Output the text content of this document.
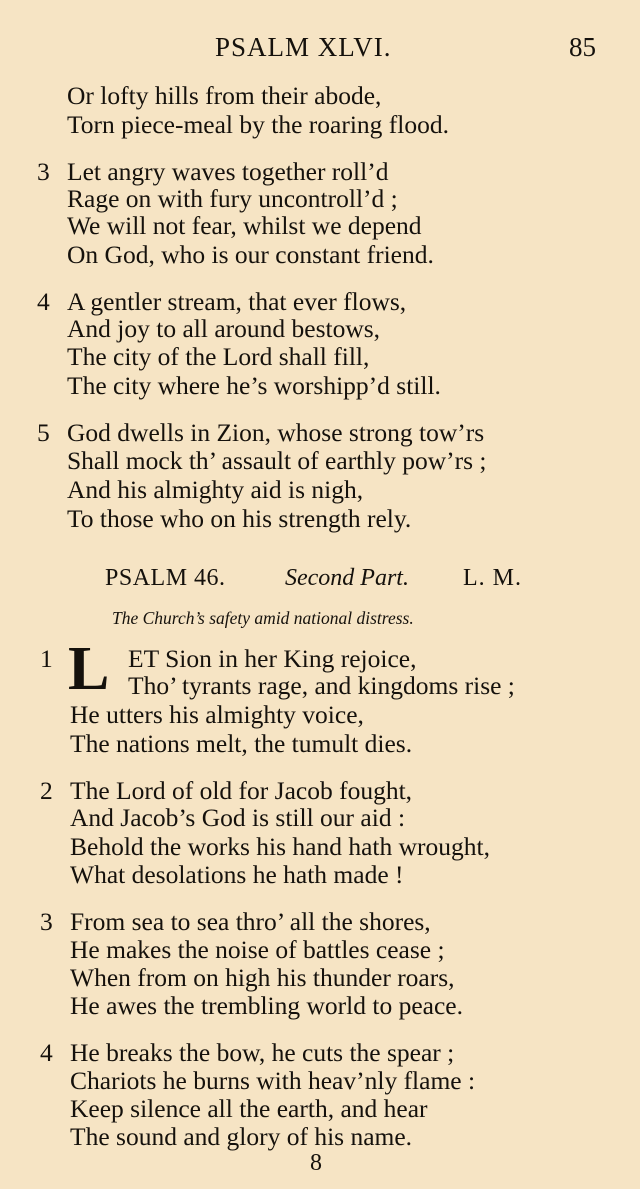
PSALM XLVI.	85
Or lofty hills from their abode,
Torn piece-meal by the roaring flood.
3 Let angry waves together roll’d
Rage on with fury uncontroll’d ;
We will not fear, whilst we depend
On God, who is our constant friend.
4 A gentler stream, that ever flows,
And joy to all around bestows,
The city of the Lord shall fill,
The city where he’s worshipp’d still.
5 God dwells in Zion, whose strong tow’rs
Shall mock th’ assault of earthly pow’rs ;
And his almighty aid is nigh,
To those who on his strength rely.
PSALM 46. Second Part. L. M.
The Church’s safety amid national distress.
1 L ET Sion in her King rejoice,
Tho’ tyrants rage, and kingdoms rise ;
He utters his almighty voice,
The nations melt, the tumult dies.
2 The Lord of old for Jacob fought,
And Jacob’s God is still our aid :
Behold the works his hand hath wrought,
What desolations he hath made !
3 From sea to sea thro’ all the shores,
He makes the noise of battles cease ;
When from on high his thunder roars,
He awes the trembling world to peace.
4 He breaks the bow, he cuts the spear ;
Chariots he burns with heav’nly flame :
Keep silence all the earth, and hear
The sound and glory of his name.
8
